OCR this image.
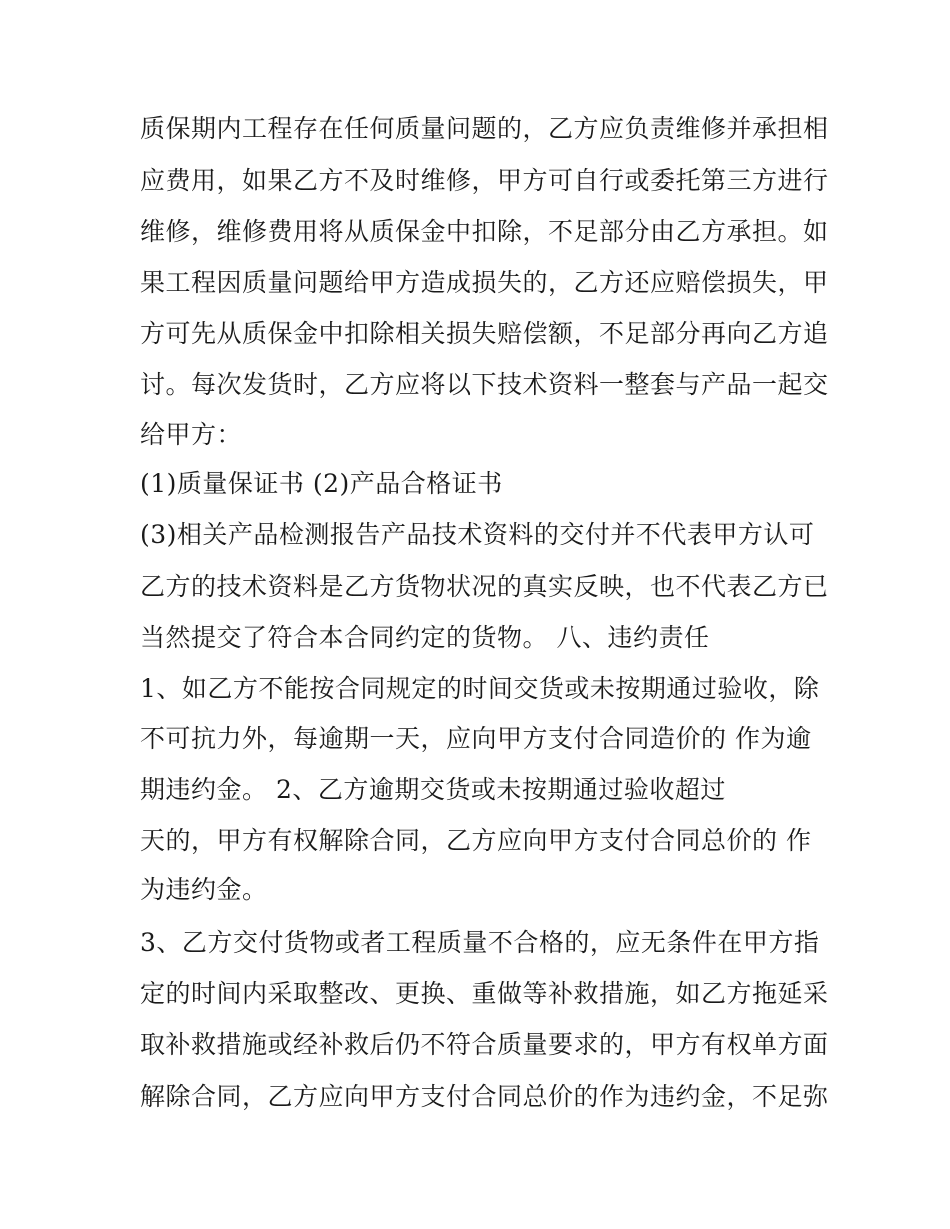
质保期内工程存在任何质量问题的，乙方应负责维修并承担相
应费用，如果乙方不及时维修，甲方可自行或委托第三方进行
维修，维修费用将从质保金中扣除，不足部分由乙方承担。如
果工程因质量问题给甲方造成损失的，乙方还应赔偿损失，甲
方可先从质保金中扣除相关损失赔偿额，不足部分再向乙方追
讨。每次发货时，乙方应将以下技术资料一整套与产品一起交
给甲方：
(1)质量保证书 (2)产品合格证书
(3)相关产品检测报告产品技术资料的交付并不代表甲方认可
乙方的技术资料是乙方货物状况的真实反映，也不代表乙方已
当然提交了符合本合同约定的货物。 八、违约责任
1、如乙方不能按合同规定的时间交货或未按期通过验收，除
不可抗力外，每逾期一天，应向甲方支付合同造价的 作为逾
期违约金。 2、乙方逾期交货或未按期通过验收超过
天的，甲方有权解除合同，乙方应向甲方支付合同总价的 作
为违约金。
3、乙方交付货物或者工程质量不合格的，应无条件在甲方指
定的时间内采取整改、更换、重做等补救措施，如乙方拖延采
取补救措施或经补救后仍不符合质量要求的，甲方有权单方面
解除合同，乙方应向甲方支付合同总价的作为违约金，不足弥
